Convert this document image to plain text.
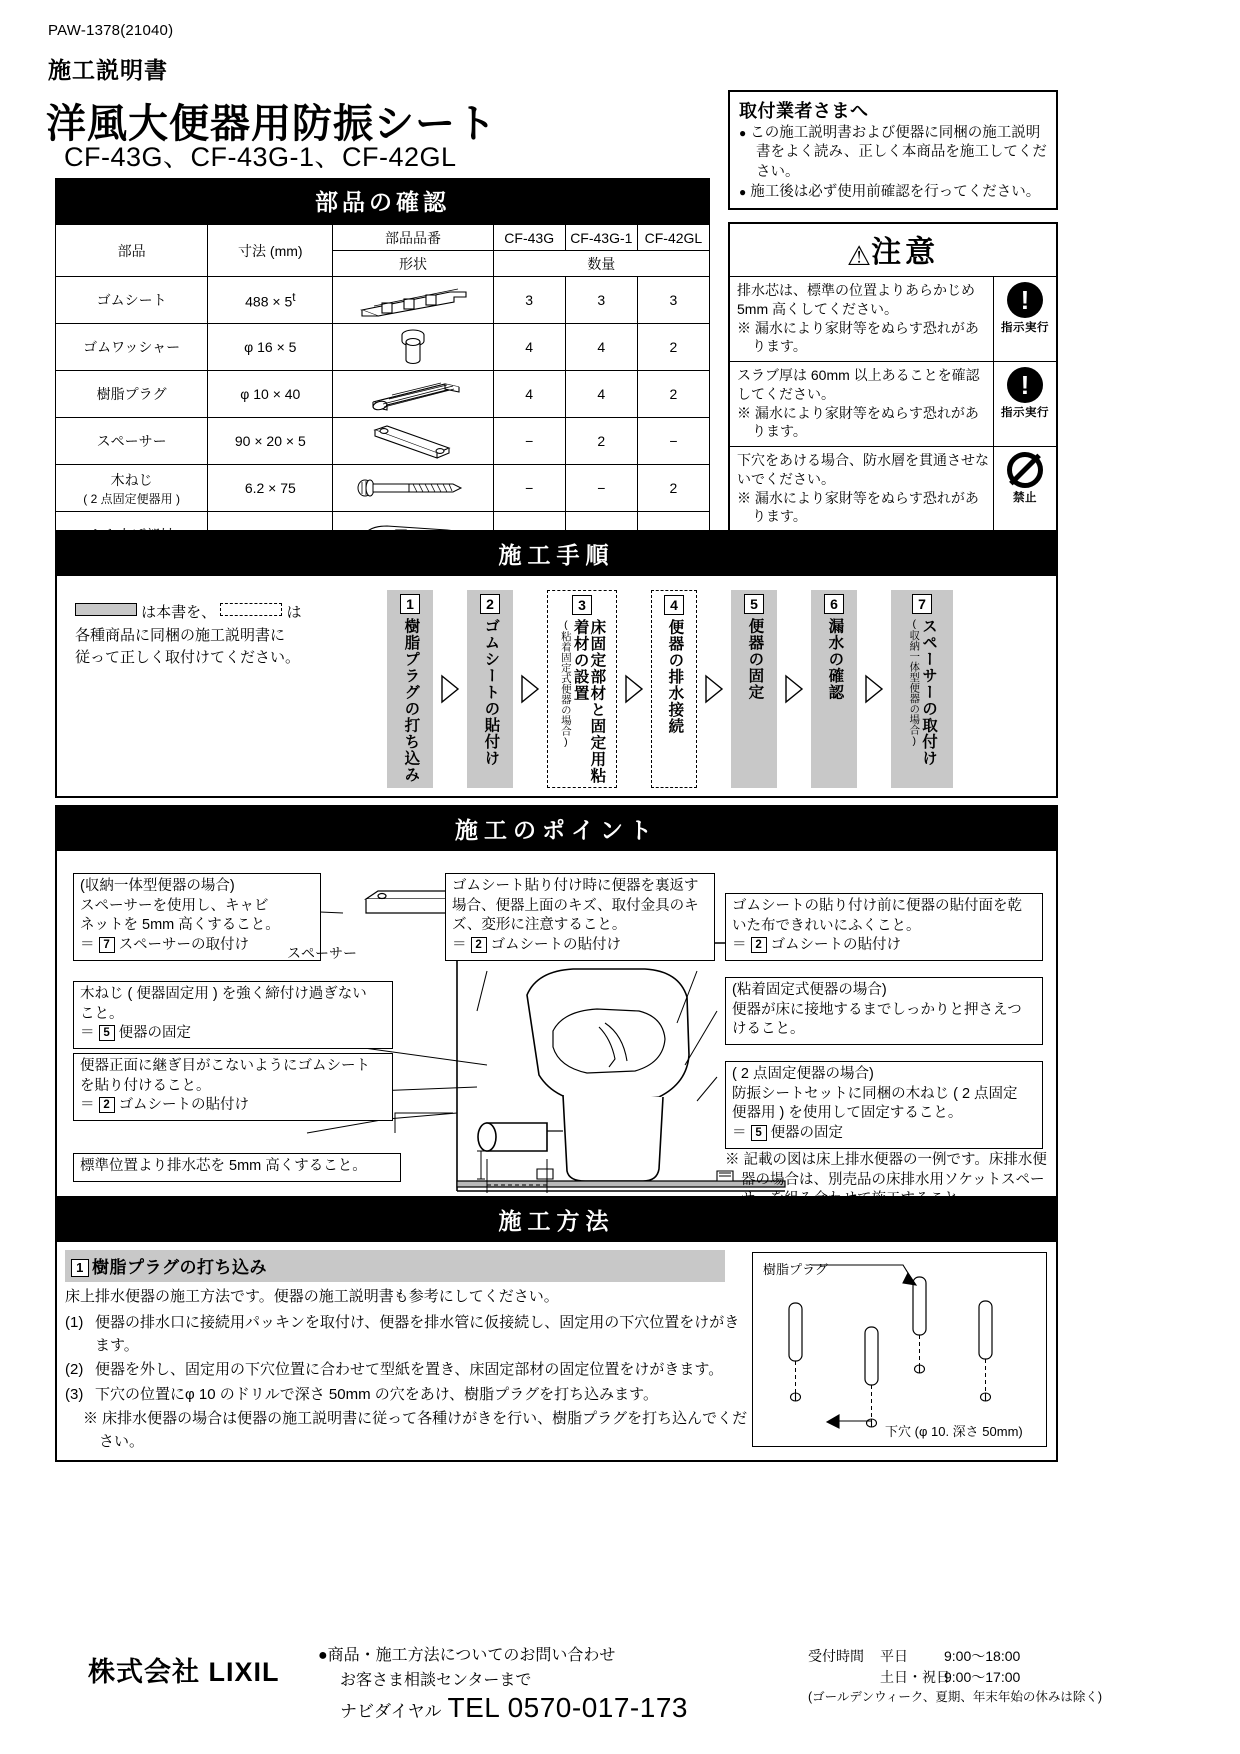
PAW-1378(21040)
施工説明書
洋風大便器用防振シート
CF-43G、CF-43G-1、CF-42GL
部品の確認
部品	寸法 (mm)	部品品番	CF-43G	CF-43G-1	CF-42GL
		形状	数量		
ゴムシート	$488 \times 5^t$		3	3	3
ゴムワッシャー	φ 16 × 5		4	4	2
樹脂プラグ	φ 10 × 40		4	4	2
スペーサー	90 × 20 × 5		−	2	−

木ねじ
( 2 点固定便器用 )	6.2 × 75		−	−	2

取付業者さまへ
● この施工説明書および便器に同梱の施工説明書をよく読み、正しく本商品を施工してください。
● 施工後は必ず使用前確認を行ってください。
⚠注意
排水芯は、標準の位置よりあらかじめ 5mm 高くしてください。
※ 漏水により家財等をぬらす恐れがあります。
!
指示実行
スラブ厚は 60mm 以上あることを確認してください。
※ 漏水により家財等をぬらす恐れがあります。
!
指示実行
下穴をあける場合、防水層を貫通させないでください。
※ 漏水により家財等をぬらす恐れがあります。
禁止
施工手順
は本書を、	は
各種商品に同梱の施工説明書に
従って正しく取付けてください。
1
樹脂プラグの打ち込み
2
ゴムシートの貼付け
3
床固定部材と固定用粘着材の設置
(粘着固定式便器の場合)
4
便器の排水接続
5
便器の固定
6
漏水の確認
7
スペーサーの取付け
(収納一体型便器の場合)
施工のポイント
(収納一体型便器の場合)
スペーサーを使用し、キャビ
ネットを 5mm 高くすること。
＝ 7 スペーサーの取付け	スペーサー
木ねじ ( 便器固定用 ) を強く締付け過ぎない
こと。
＝ 5 便器の固定
便器正面に継ぎ目がこないようにゴムシート
を貼り付けること。
＝ 2 ゴムシートの貼付け
標準位置より排水芯を 5mm 高くすること。
ゴムシート貼り付け時に便器を裏返す
場合、便器上面のキズ、取付金具のキ
ズ、変形に注意すること。
＝ 2 ゴムシートの貼付け
ゴムシートの貼り付け前に便器の貼付面を乾
いた布できれいにふくこと。
＝ 2 ゴムシートの貼付け
(粘着固定式便器の場合)
便器が床に接地するまでしっかりと押さえつ
けること。
( 2 点固定便器の場合)
防振シートセットに同梱の木ねじ ( 2 点固定
便器用 ) を使用して固定すること。
＝ 5 便器の固定
※ 記載の図は床上排水便器の一例です。床排水便器の場合は、別売品の床排水用ソケットスペー
施工方法
1 樹脂プラグの打ち込み
床上排水便器の施工方法です。便器の施工説明書も参考にしてください。
(1) 便器の排水口に接続用パッキンを取付け、便器を排水管に仮接続し、固定用の下穴位置をけがきます。
(2) 便器を外し、固定用の下穴位置に合わせて型紙を置き、床固定部材の固定位置をけがきます。
(3) 下穴の位置にφ 10 のドリルで深さ 50mm の穴をあけ、樹脂プラグを打ち込みます。
※ 床排水便器の場合は便器の施工説明書に従って各種けがきを行い、樹脂プラグを打ち込んでください。
樹脂プラグ
下穴 (φ 10. 深さ 50mm)
株式会社 LIXIL
●商品・施工方法についてのお問い合わせ
お客さま相談センターまで
ナビダイヤル TEL 0570-017-173
受付時間 平日	9:00〜18:00
土日・祝日9:00〜17:00
(ゴールデンウィーク、夏期、年末年始の休みは除く)
